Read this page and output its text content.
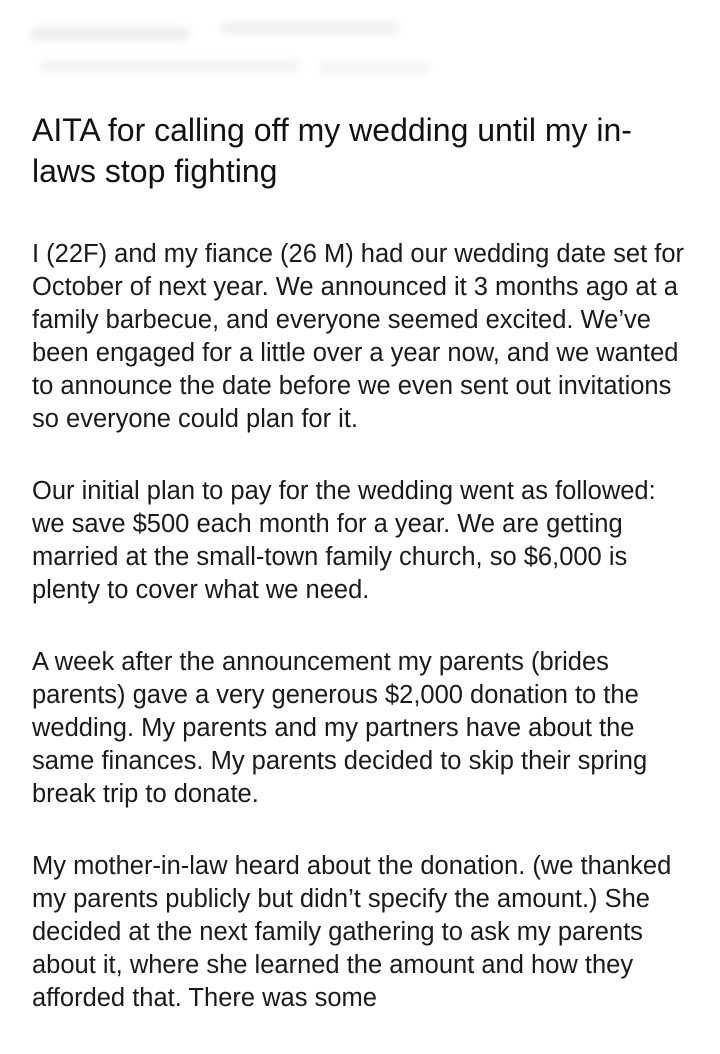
AITA for calling off my wedding until my in-laws stop fighting

I (22F) and my fiance (26 M) had our wedding date set for October of next year. We announced it 3 months ago at a family barbecue, and everyone seemed excited. We’ve been engaged for a little over a year now, and we wanted to announce the date before we even sent out invitations so everyone could plan for it.

Our initial plan to pay for the wedding went as followed: we save $500 each month for a year. We are getting married at the small-town family church, so $6,000 is plenty to cover what we need.

A week after the announcement my parents (brides parents) gave a very generous $2,000 donation to the wedding. My parents and my partners have about the same finances. My parents decided to skip their spring break trip to donate.

My mother-in-law heard about the donation. (we thanked my parents publicly but didn’t specify the amount.) She decided at the next family gathering to ask my parents about it, where she learned the amount and how they afforded that. There was some
